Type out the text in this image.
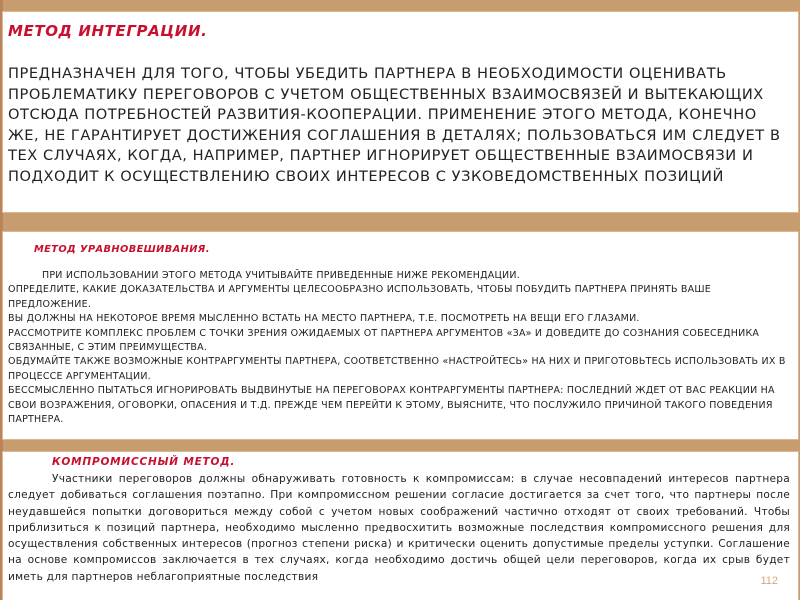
МЕТОД ИНТЕГРАЦИИ.

ПРЕДНАЗНАЧЕН ДЛЯ ТОГО, ЧТОБЫ УБЕДИТЬ ПАРТНЕРА В НЕОБХОДИМОСТИ ОЦЕНИВАТЬ ПРОБЛЕМАТИКУ ПЕРЕГОВОРОВ С УЧЕТОМ ОБЩЕСТВЕННЫХ ВЗАИМОСВЯЗЕЙ И ВЫТЕКАЮЩИХ ОТСЮДА ПОТРЕБНОСТЕЙ РАЗВИТИЯ-КООПЕРАЦИИ. ПРИМЕНЕНИЕ ЭТОГО МЕТОДА, КОНЕЧНО ЖЕ, НЕ ГАРАНТИРУЕТ ДОСТИЖЕНИЯ СОГЛАШЕНИЯ В ДЕТАЛЯХ; ПОЛЬЗОВАТЬСЯ ИМ СЛЕДУЕТ В ТЕХ СЛУЧАЯХ, КОГДА, НАПРИМЕР, ПАРТНЕР ИГНОРИРУЕТ ОБЩЕСТВЕННЫЕ ВЗАИМОСВЯЗИ И ПОДХОДИТ К ОСУЩЕСТВЛЕНИЮ СВОИХ ИНТЕРЕСОВ С УЗКОВЕДОМСТВЕННЫХ ПОЗИЦИЙ

МЕТОД УРАВНОВЕШИВАНИЯ.

ПРИ ИСПОЛЬЗОВАНИИ ЭТОГО МЕТОДА УЧИТЫВАЙТЕ ПРИВЕДЕННЫЕ НИЖЕ РЕКОМЕНДАЦИИ.

ОПРЕДЕЛИТЕ, КАКИЕ ДОКАЗАТЕЛЬСТВА И АРГУМЕНТЫ ЦЕЛЕСООБРАЗНО ИСПОЛЬЗОВАТЬ, ЧТОБЫ ПОБУДИТЬ ПАРТНЕРА ПРИНЯТЬ ВАШЕ ПРЕДЛОЖЕНИЕ.

ВЫ ДОЛЖНЫ НА НЕКОТОРОЕ ВРЕМЯ МЫСЛЕННО ВСТАТЬ НА МЕСТО ПАРТНЕРА, Т.Е. ПОСМОТРЕТЬ НА ВЕЩИ ЕГО ГЛАЗАМИ.

РАССМОТРИТЕ КОМПЛЕКС ПРОБЛЕМ С ТОЧКИ ЗРЕНИЯ ОЖИДАЕМЫХ ОТ ПАРТНЕРА АРГУМЕНТОВ «ЗА» И ДОВЕДИТЕ ДО СОЗНАНИЯ СОБЕСЕДНИКА СВЯЗАННЫЕ, С ЭТИМ ПРЕИМУЩЕСТВА.

ОБДУМАЙТЕ ТАКЖЕ ВОЗМОЖНЫЕ КОНТРАРГУМЕНТЫ ПАРТНЕРА, СООТВЕТСТВЕННО «НАСТРОЙТЕСЬ» НА НИХ И ПРИГОТОВЬТЕСЬ ИСПОЛЬЗОВАТЬ ИХ В ПРОЦЕССЕ АРГУМЕНТАЦИИ.

БЕССМЫСЛЕННО ПЫТАТЬСЯ ИГНОРИРОВАТЬ ВЫДВИНУТЫЕ НА ПЕРЕГОВОРАХ КОНТРАРГУМЕНТЫ ПАРТНЕРА: ПОСЛЕДНИЙ ЖДЕТ ОТ ВАС РЕАКЦИИ НА СВОИ ВОЗРАЖЕНИЯ, ОГОВОРКИ, ОПАСЕНИЯ И Т.Д. ПРЕЖДЕ ЧЕМ ПЕРЕЙТИ К ЭТОМУ, ВЫЯСНИТЕ, ЧТО ПОСЛУЖИЛО ПРИЧИНОЙ ТАКОГО ПОВЕДЕНИЯ ПАРТНЕРА.

КОМПРОМИССНЫЙ МЕТОД.

Участники переговоров должны обнаруживать готовность к компромиссам: в случае несовпадений интересов партнера следует добиваться соглашения поэтапно. При компромиссном решении согласие достигается за счет того, что партнеры после неудавшейся попытки договориться между собой с учетом новых соображений частично отходят от своих требований. Чтобы приблизиться к позиций партнера, необходимо мысленно предвосхитить возможные последствия компромиссного решения для осуществления собственных интересов (прогноз степени риска) и критически оценить допустимые пределы уступки. Соглашение на основе компромиссов заключается в тех случаях, когда необходимо достичь общей цели переговоров, когда их срыв будет иметь для партнеров неблагоприятные последствия	112
